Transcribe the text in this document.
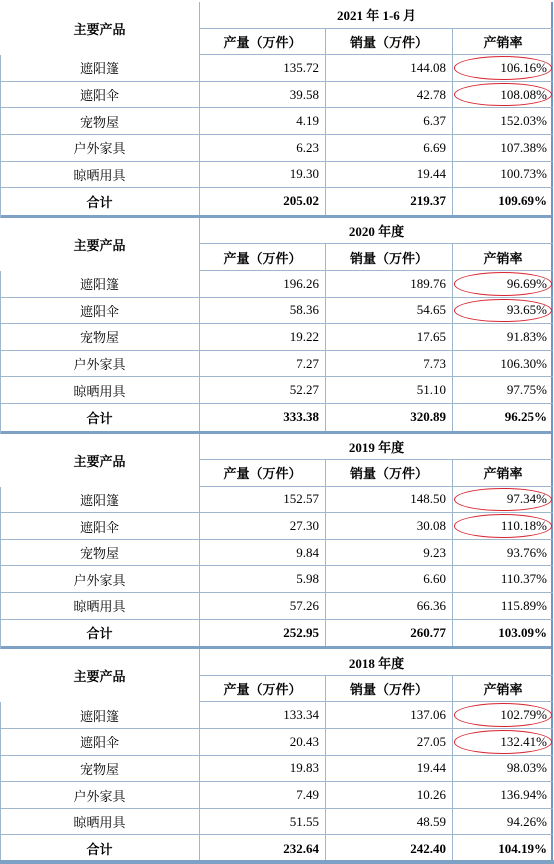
主要产品
2021 年 1-6 月
产量（万件）	销量（万件）	产销率
遮阳篷	135.72	144.08	106.16%
遮阳伞	39.58	42.78	108.08%
宠物屋	4.19	6.37	152.03%
户外家具	6.23	6.69	107.38%
晾晒用具	19.30	19.44	100.73%
合计	205.02	219.37	109.69%
主要产品
2020 年度
产量（万件）	销量（万件）	产销率
遮阳篷	196.26	189.76	96.69%
遮阳伞	58.36	54.65	93.65%
宠物屋	19.22	17.65	91.83%
户外家具	7.27	7.73	106.30%
晾晒用具	52.27	51.10	97.75%
合计	333.38	320.89	96.25%
主要产品
2019 年度
产量（万件）	销量（万件）	产销率
遮阳篷	152.57	148.50	97.34%
遮阳伞	27.30	30.08	110.18%
宠物屋	9.84	9.23	93.76%
户外家具	5.98	6.60	110.37%
晾晒用具	57.26	66.36	115.89%
合计	252.95	260.77	103.09%
主要产品
2018 年度
产量（万件）	销量（万件）	产销率
遮阳篷	133.34	137.06	102.79%
遮阳伞	20.43	27.05	132.41%
宠物屋	19.83	19.44	98.03%
户外家具	7.49	10.26	136.94%
晾晒用具	51.55	48.59	94.26%
合计	232.64	242.40	104.19%
